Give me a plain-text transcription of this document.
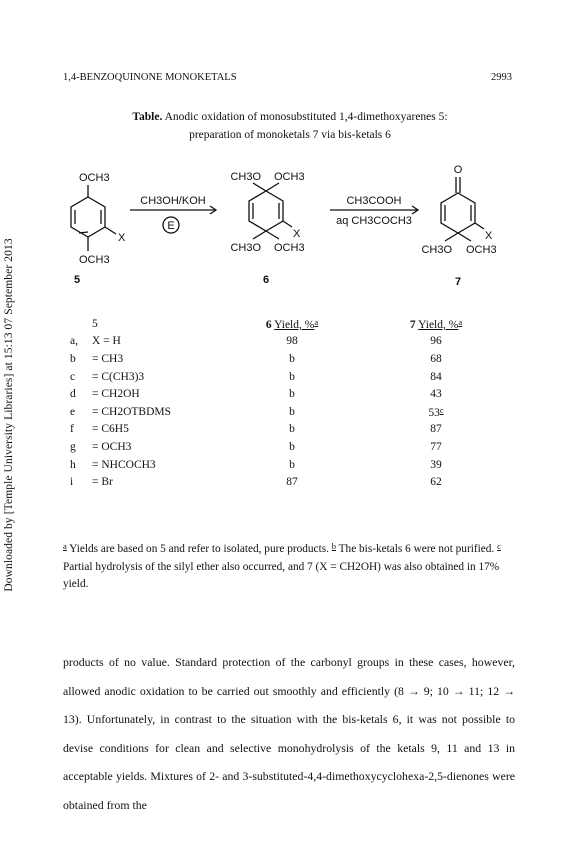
Downloaded by [Temple University Libraries] at 15:13 07 September 2013
1,4-BENZOQUINONE MONOKETALS	2993
Table. Anodic oxidation of monosubstituted 1,4-dimethoxyarenes 5:
preparation of monoketals 7 via bis-ketals 6
OCH3
OCH3
X
5
CH3OH/KOH
E
CH3O OCH3
CH3O OCH3
X
6
CH3COOH
aq CH3COCH3
O
CH3O OCH3
X
7
	5	6 Yield, %$^a$	7 Yield, %$^a$
a,	X = H	98	96
b	= CH3	b	68
c	= C(CH3)3	b	84
d	= CH2OH	b	43
e	= CH2OTBDMS	b	53$^c$
f	= C6H5	b	87
g	= OCH3	b	77
h	= NHCOCH3	b	39
i	= Br	87	62
$^a$ Yields are based on 5 and refer to isolated, pure products. $^b$ The bis-ketals 6 were not purified. $^c$ Partial hydrolysis of the silyl ether also occurred, and 7 (X = CH2OH) was also obtained in 17% yield.
products of no value. Standard protection of the carbonyl groups in these cases, however, allowed anodic oxidation to be carried out smoothly and efficiently (8 → 9; 10 → 11; 12 → 13). Unfortunately, in contrast to the situation with the bis-ketals 6, it was not possible to devise conditions for clean and selective monohydrolysis of the ketals 9, 11 and 13 in acceptable yields. Mixtures of 2- and 3-substituted-4,4-dimethoxycyclohexa-2,5-dienones were obtained from the
